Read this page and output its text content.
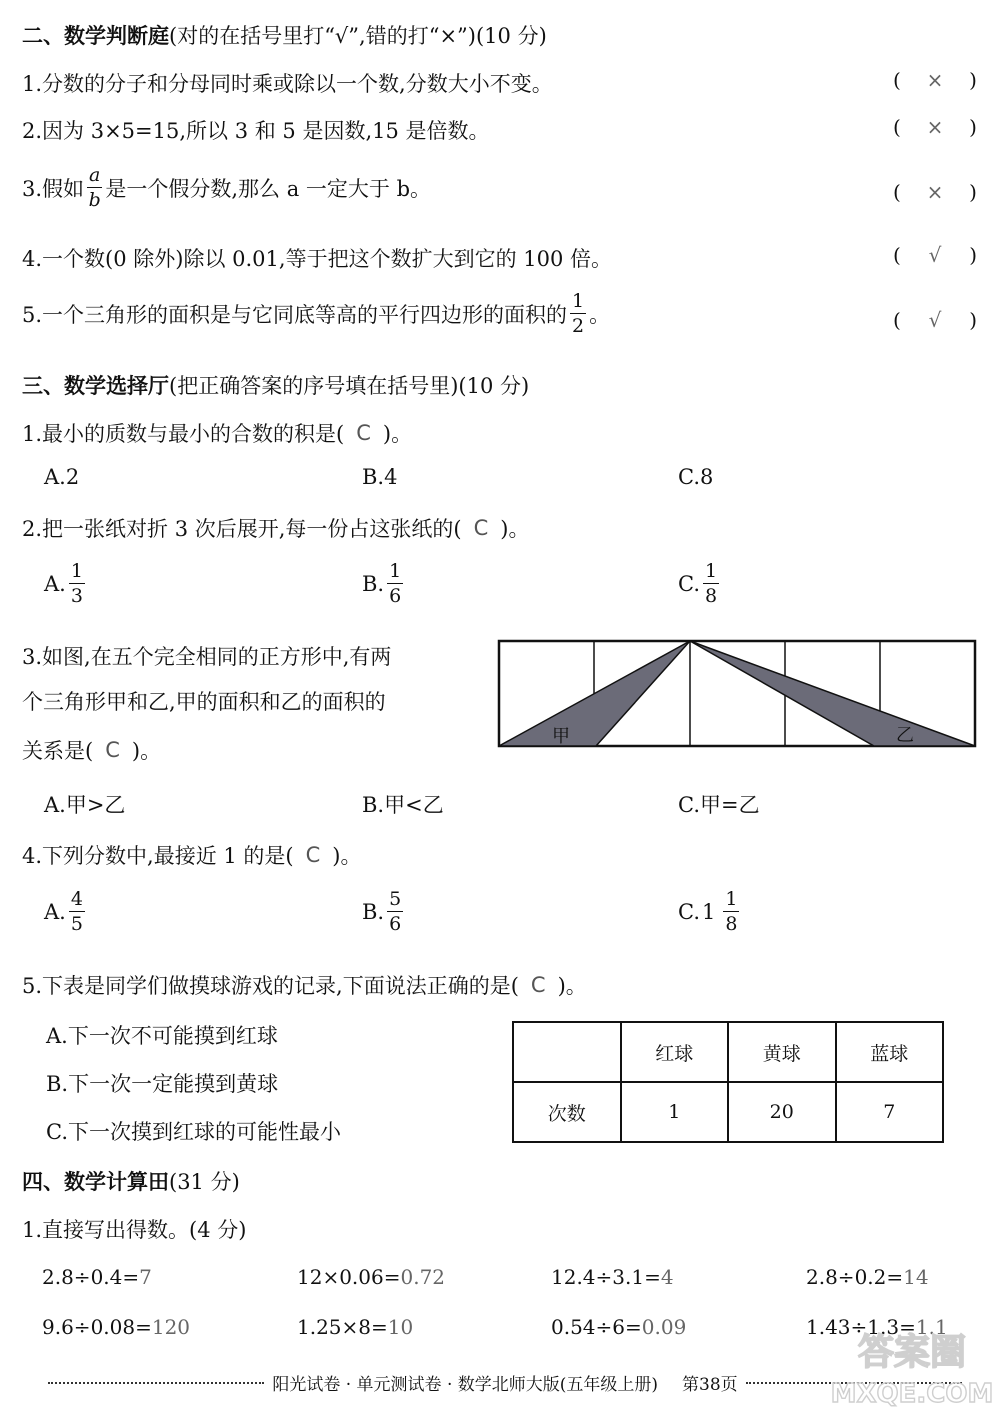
二、数学判断庭(对的在括号里打“√”,错的打“×”)(10 分)
1.分数的分子和分母同时乘或除以一个数,分数大小不变。	( × )
2.因为 3×5=15,所以 3 和 5 是因数,15 是倍数。	( × )
3.假如 $\frac{a}{b}$ 是一个假分数,那么 a 一定大于 b。	( × )
4.一个数(0 除外)除以 0.01,等于把这个数扩大到它的 100 倍。	( √ )
5.一个三角形的面积是与它同底等高的平行四边形的面积的 $\frac{1}{2}$ 。	( √ )
三、数学选择厅(把正确答案的序号填在括号里)(10 分)
1.最小的质数与最小的合数的积是( C )。
A.2	B.4	C.8
2.把一张纸对折 3 次后展开,每一份占这张纸的( C )。
A. $\frac{1}{3}$	B. $\frac{1}{6}$	C. $\frac{1}{8}$
3.如图,在五个完全相同的正方形中,有两
个三角形甲和乙,甲的面积和乙的面积的
关系是( C )。
甲	乙
A.甲>乙	B.甲<乙	C.甲=乙
4.下列分数中,最接近 1 的是( C )。
A. $\frac{4}{5}$	B. $\frac{5}{6}$	C. $1 \frac{1}{8}$
5.下表是同学们做摸球游戏的记录,下面说法正确的是( C )。
A.下一次不可能摸到红球
B.下一次一定能摸到黄球
C.下一次摸到红球的可能性最小
	红球	黄球	蓝球
次数	1	20	7
四、数学计算田(31 分)
1.直接写出得数。(4 分)
2.8÷0.4=7	12×0.06=0.72	12.4÷3.1=4	2.8÷0.2=14
9.6÷0.08=120	1.25×8=10	0.54÷6=0.09	1.43÷1.3=1.1
阳光试卷 · 单元测试卷 · 数学北师大版(五年级上册) 第38页
答案圈
MXQE.COM
